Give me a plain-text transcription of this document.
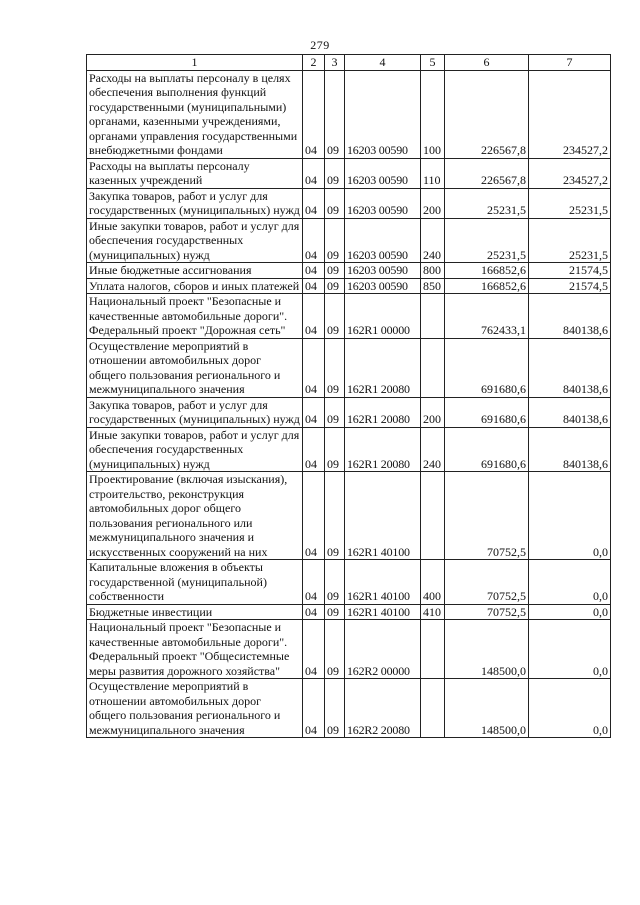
279
1	2	3	4	5	6	7
Расходы на выплаты персоналу в целях обеспечения выполнения функций государственными (муниципальными) органами, казенными учреждениями, органами управления государственными внебюджетными фондами	04	09	16203 00590	100	226567,8	234527,2
Расходы на выплаты персоналу казенных учреждений	04	09	16203 00590	110	226567,8	234527,2
Закупка товаров, работ и услуг для государственных (муниципальных) нужд	04	09	16203 00590	200	25231,5	25231,5
Иные закупки товаров, работ и услуг для обеспечения государственных (муниципальных) нужд	04	09	16203 00590	240	25231,5	25231,5
Иные бюджетные ассигнования	04	09	16203 00590	800	166852,6	21574,5
Уплата налогов, сборов и иных платежей	04	09	16203 00590	850	166852,6	21574,5
Национальный проект "Безопасные и качественные автомобильные дороги". Федеральный проект "Дорожная сеть"	04	09	162R1 00000		762433,1	840138,6
Осуществление мероприятий в отношении автомобильных дорог общего пользования регионального и межмуниципального значения	04	09	162R1 20080		691680,6	840138,6
Закупка товаров, работ и услуг для государственных (муниципальных) нужд	04	09	162R1 20080	200	691680,6	840138,6
Иные закупки товаров, работ и услуг для обеспечения государственных (муниципальных) нужд	04	09	162R1 20080	240	691680,6	840138,6
Проектирование (включая изыскания), строительство, реконструкция автомобильных дорог общего пользования регионального или межмуниципального значения и искусственных сооружений на них	04	09	162R1 40100		70752,5	0,0
Капитальные вложения в объекты государственной (муниципальной) собственности	04	09	162R1 40100	400	70752,5	0,0
Бюджетные инвестиции	04	09	162R1 40100	410	70752,5	0,0
Национальный проект "Безопасные и качественные автомобильные дороги". Федеральный проект "Общесистемные меры развития дорожного хозяйства"	04	09	162R2 00000		148500,0	0,0
Осуществление мероприятий в отношении автомобильных дорог общего пользования регионального и межмуниципального значения	04	09	162R2 20080		148500,0	0,0
